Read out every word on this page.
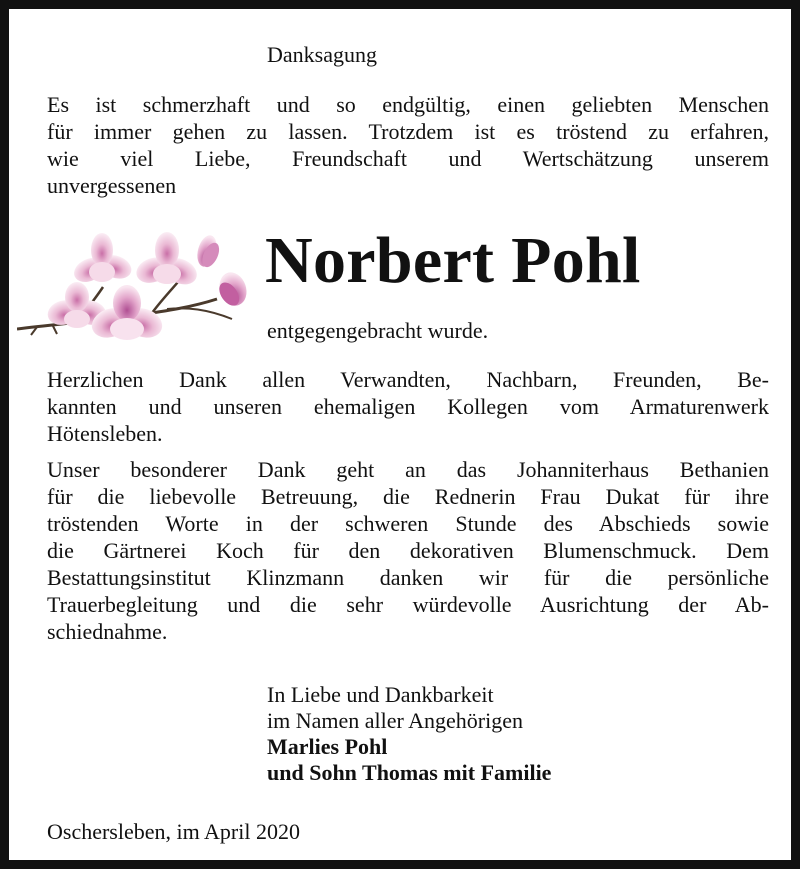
Danksagung
Es ist schmerzhaft und so endgültig, einen geliebten Menschen
für immer gehen zu lassen. Trotzdem ist es tröstend zu erfahren,
wie viel Liebe, Freundschaft und Wertschätzung unserem
unvergessenen
Norbert Pohl
entgegengebracht wurde.
Herzlichen Dank allen Verwandten, Nachbarn, Freunden, Be-
kannten und unseren ehemaligen Kollegen vom Armaturenwerk
Hötensleben.
Unser besonderer Dank geht an das Johanniterhaus Bethanien
für die liebevolle Betreuung, die Rednerin Frau Dukat für ihre
tröstenden Worte in der schweren Stunde des Abschieds sowie
die Gärtnerei Koch für den dekorativen Blumenschmuck. Dem
Bestattungsinstitut Klinzmann danken wir für die persönliche
Trauerbegleitung und die sehr würdevolle Ausrichtung der Ab-
schiednahme.
In Liebe und Dankbarkeit
im Namen aller Angehörigen
Marlies Pohl
und Sohn Thomas mit Familie
Oschersleben, im April 2020
